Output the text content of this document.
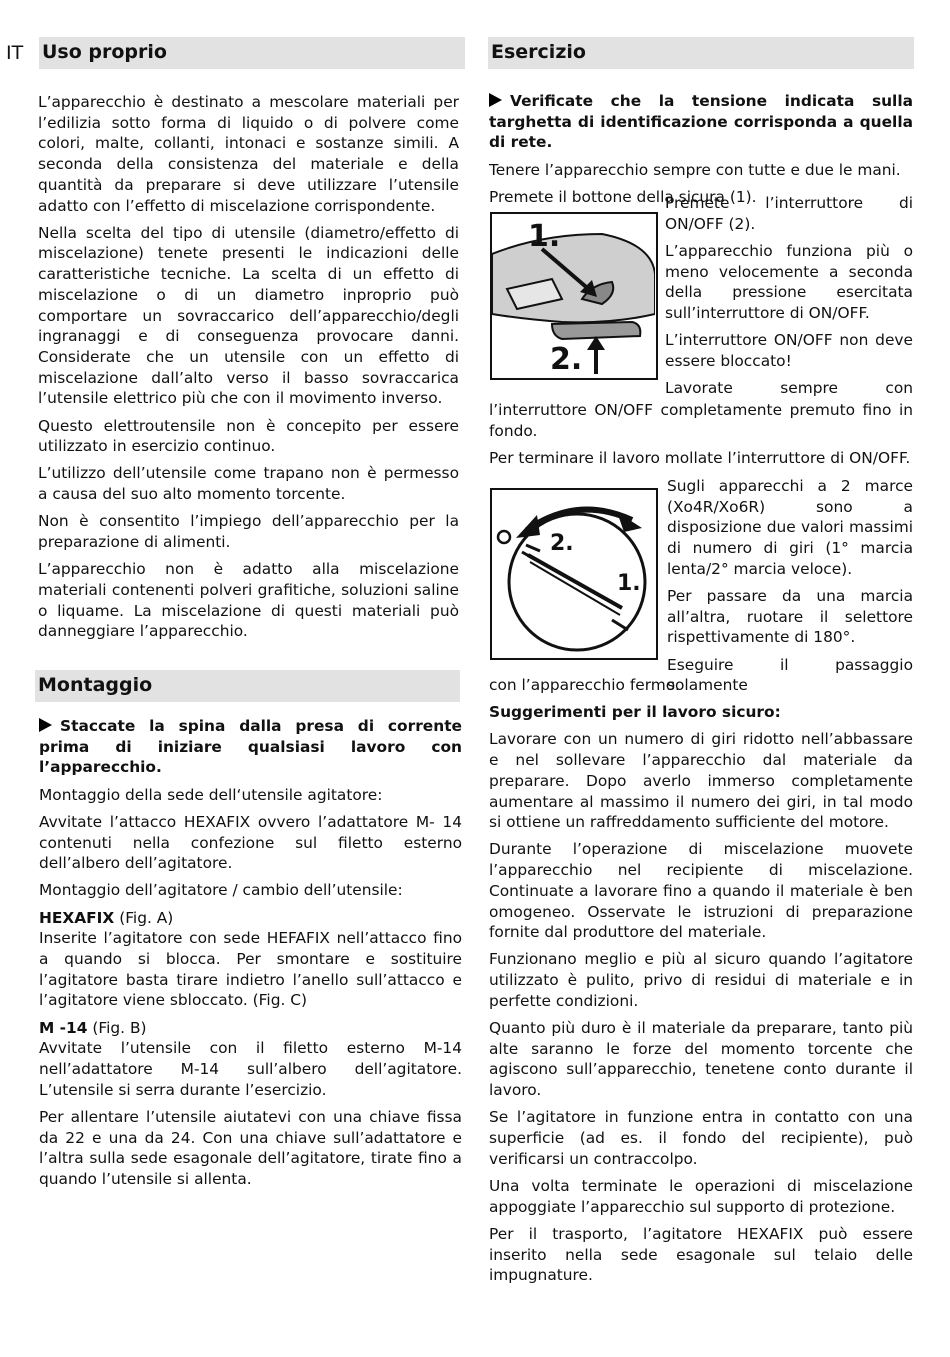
IT Uso proprio

L’apparecchio è destinato a mescolare materiali per l’edilizia sotto forma di liquido o di polvere come colori, malte, collanti, intonaci e sostanze simili. A seconda della consistenza del materiale e della quantità da preparare si deve utilizzare l’utensile adatto con l’effetto di miscelazione corrispondente.

Nella scelta del tipo di utensile (diametro/effetto di miscelazione) tenete presenti le indicazioni delle caratteristiche tecniche. La scelta di un effetto di miscelazione o di un diametro inproprio può comportare un sovraccarico dell’apparecchio/degli ingranaggi e di conseguenza provocare danni. Considerate che un utensile con un effetto di miscelazione dall’alto verso il basso sovraccarica l’utensile elettrico più che con il movimento inverso.

Questo elettroutensile non è concepito per essere utilizzato in esercizio continuo.

L’utilizzo dell’utensile come trapano non è permesso a causa del suo alto momento torcente.

Non è consentito l’impiego dell’apparecchio per la preparazione di alimenti.

L’apparecchio non è adatto alla miscelazione materiali contenenti polveri grafitiche, soluzioni saline o liquame. La miscelazione di questi materiali può danneggiare l’apparecchio.

Montaggio

Staccate la spina dalla presa di corrente prima di iniziare qualsiasi lavoro con l’apparecchio.

Montaggio della sede dell‘utensile agitatore:

Avvitate l’attacco HEXAFIX ovvero l’adattatore M- 14 contenuti nella confezione sul filetto esterno dell’albero dell’agitatore.

Montaggio dell’agitatore / cambio dell’utensile:

HEXAFIX (Fig. A)
Inserite l’agitatore con sede HEFAFIX nell’attacco fino a quando si blocca. Per smontare e sostituire l’agitatore basta tirare indietro l’anello sull’attacco e l’agitatore viene sbloccato. (Fig. C)

M -14 (Fig. B)
Avvitate l’utensile con il filetto esterno M-14 nell’adattatore M-14 sull’albero dell’agitatore. L’utensile si serra durante l’esercizio.

Per allentare l’utensile aiutatevi con una chiave fissa da 22 e una da 24. Con una chiave sull’adattatore e l’altra sulla sede esagonale dell’agitatore, tirate fino a quando l’utensile si allenta.

Esercizio

Verificate che la tensione indicata sulla targhetta di identificazione corrisponda a quella di rete.

Tenere l’apparecchio sempre con tutte e due le mani.

Premete il bottone della sicura (1).

1.
2.

Premete l’interruttore di ON/OFF (2).

L’apparecchio funziona più o meno velocemente a seconda della pressione esercitata sull’interruttore di ON/OFF.

L’interruttore ON/OFF non deve essere bloccato!

Lavorate sempre con

l’interruttore ON/OFF completamente premuto fino in fondo.

Per terminare il lavoro mollate l’interruttore di ON/OFF.

2.
1.

Sugli apparecchi a 2 marce (Xo4R/Xo6R) sono a disposizione due valori massimi di numero di giri (1° marcia lenta/2° marcia veloce).

Per passare da una marcia all’altra, ruotare il selettore rispettivamente di 180°.

Eseguire il passaggio solamente

con l’apparecchio fermo.

Suggerimenti per il lavoro sicuro:

Lavorare con un numero di giri ridotto nell’abbassare e nel sollevare l’apparecchio dal materiale da preparare. Dopo averlo immerso completamente aumentare al massimo il numero dei giri, in tal modo si ottiene un raffreddamento sufficiente del motore.

Durante l’operazione di miscelazione muovete l’apparecchio nel recipiente di miscelazione. Continuate a lavorare fino a quando il materiale è ben omogeneo. Osservate le istruzioni di preparazione fornite dal produttore del materiale.

Funzionano meglio e più al sicuro quando l’agitatore utilizzato è pulito, privo di residui di materiale e in perfette condizioni.

Quanto più duro è il materiale da preparare, tanto più alte saranno le forze del momento torcente che agiscono sull’apparecchio, tenetene conto durante il lavoro.

Se l’agitatore in funzione entra in contatto con una superficie (ad es. il fondo del recipiente), può verificarsi un contraccolpo.

Una volta terminate le operazioni di miscelazione appoggiate l’apparecchio sul supporto di protezione.

Per il trasporto, l’agitatore HEXAFIX può essere inserito nella sede esagonale sul telaio delle impugnature.
